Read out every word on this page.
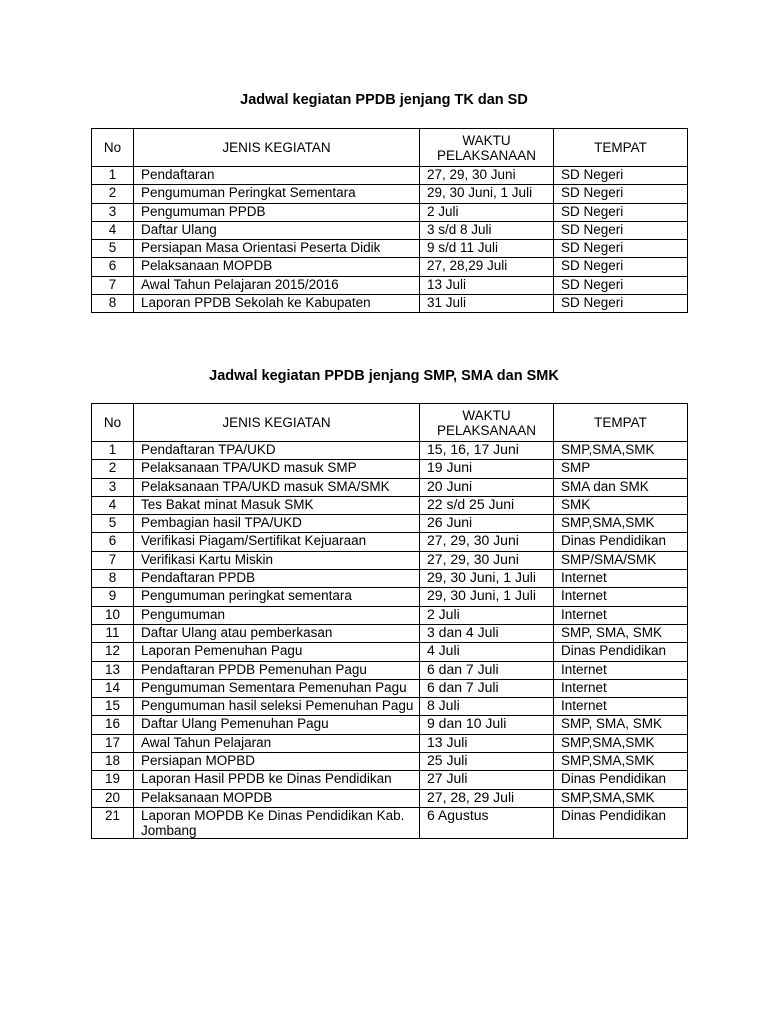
Jadwal kegiatan PPDB jenjang TK dan SD
No	JENIS KEGIATAN	WAKTU PELAKSANAAN	TEMPAT
1	Pendaftaran	27, 29, 30 Juni	SD Negeri
2	Pengumuman Peringkat Sementara	29, 30 Juni, 1 Juli	SD Negeri
3	Pengumuman PPDB	2 Juli	SD Negeri
4	Daftar Ulang	3 s/d 8 Juli	SD Negeri
5	Persiapan Masa Orientasi Peserta Didik	9 s/d 11 Juli	SD Negeri
6	Pelaksanaan MOPDB	27, 28,29 Juli	SD Negeri
7	Awal Tahun Pelajaran 2015/2016	13 Juli	SD Negeri
8	Laporan PPDB Sekolah ke Kabupaten	31 Juli	SD Negeri
Jadwal kegiatan PPDB jenjang SMP, SMA dan SMK
No	JENIS KEGIATAN	WAKTU PELAKSANAAN	TEMPAT
1	Pendaftaran TPA/UKD	15, 16, 17 Juni	SMP,SMA,SMK
2	Pelaksanaan TPA/UKD masuk SMP	19 Juni	SMP
3	Pelaksanaan TPA/UKD masuk SMA/SMK	20 Juni	SMA dan SMK
4	Tes Bakat minat Masuk SMK	22 s/d 25 Juni	SMK
5	Pembagian hasil TPA/UKD	26 Juni	SMP,SMA,SMK
6	Verifikasi Piagam/Sertifikat Kejuaraan	27, 29, 30 Juni	Dinas Pendidikan
7	Verifikasi Kartu Miskin	27, 29, 30 Juni	SMP/SMA/SMK
8	Pendaftaran PPDB	29, 30 Juni, 1 Juli	Internet
9	Pengumuman peringkat sementara	29, 30 Juni, 1 Juli	Internet
10	Pengumuman	2 Juli	Internet
11	Daftar Ulang atau pemberkasan	3 dan 4 Juli	SMP, SMA, SMK
12	Laporan Pemenuhan Pagu	4 Juli	Dinas Pendidikan
13	Pendaftaran PPDB Pemenuhan Pagu	6 dan 7 Juli	Internet
14	Pengumuman Sementara Pemenuhan Pagu	6 dan 7 Juli	Internet
15	Pengumuman hasil seleksi Pemenuhan Pagu	8 Juli	Internet
16	Daftar Ulang Pemenuhan Pagu	9 dan 10 Juli	SMP, SMA, SMK
17	Awal Tahun Pelajaran	13 Juli	SMP,SMA,SMK
18	Persiapan MOPBD	25 Juli	SMP,SMA,SMK
19	Laporan Hasil PPDB ke Dinas Pendidikan	27 Juli	Dinas Pendidikan
20	Pelaksanaan MOPDB	27, 28, 29 Juli	SMP,SMA,SMK
21	Laporan MOPDB Ke Dinas Pendidikan Kab. Jombang	6 Agustus	Dinas Pendidikan
